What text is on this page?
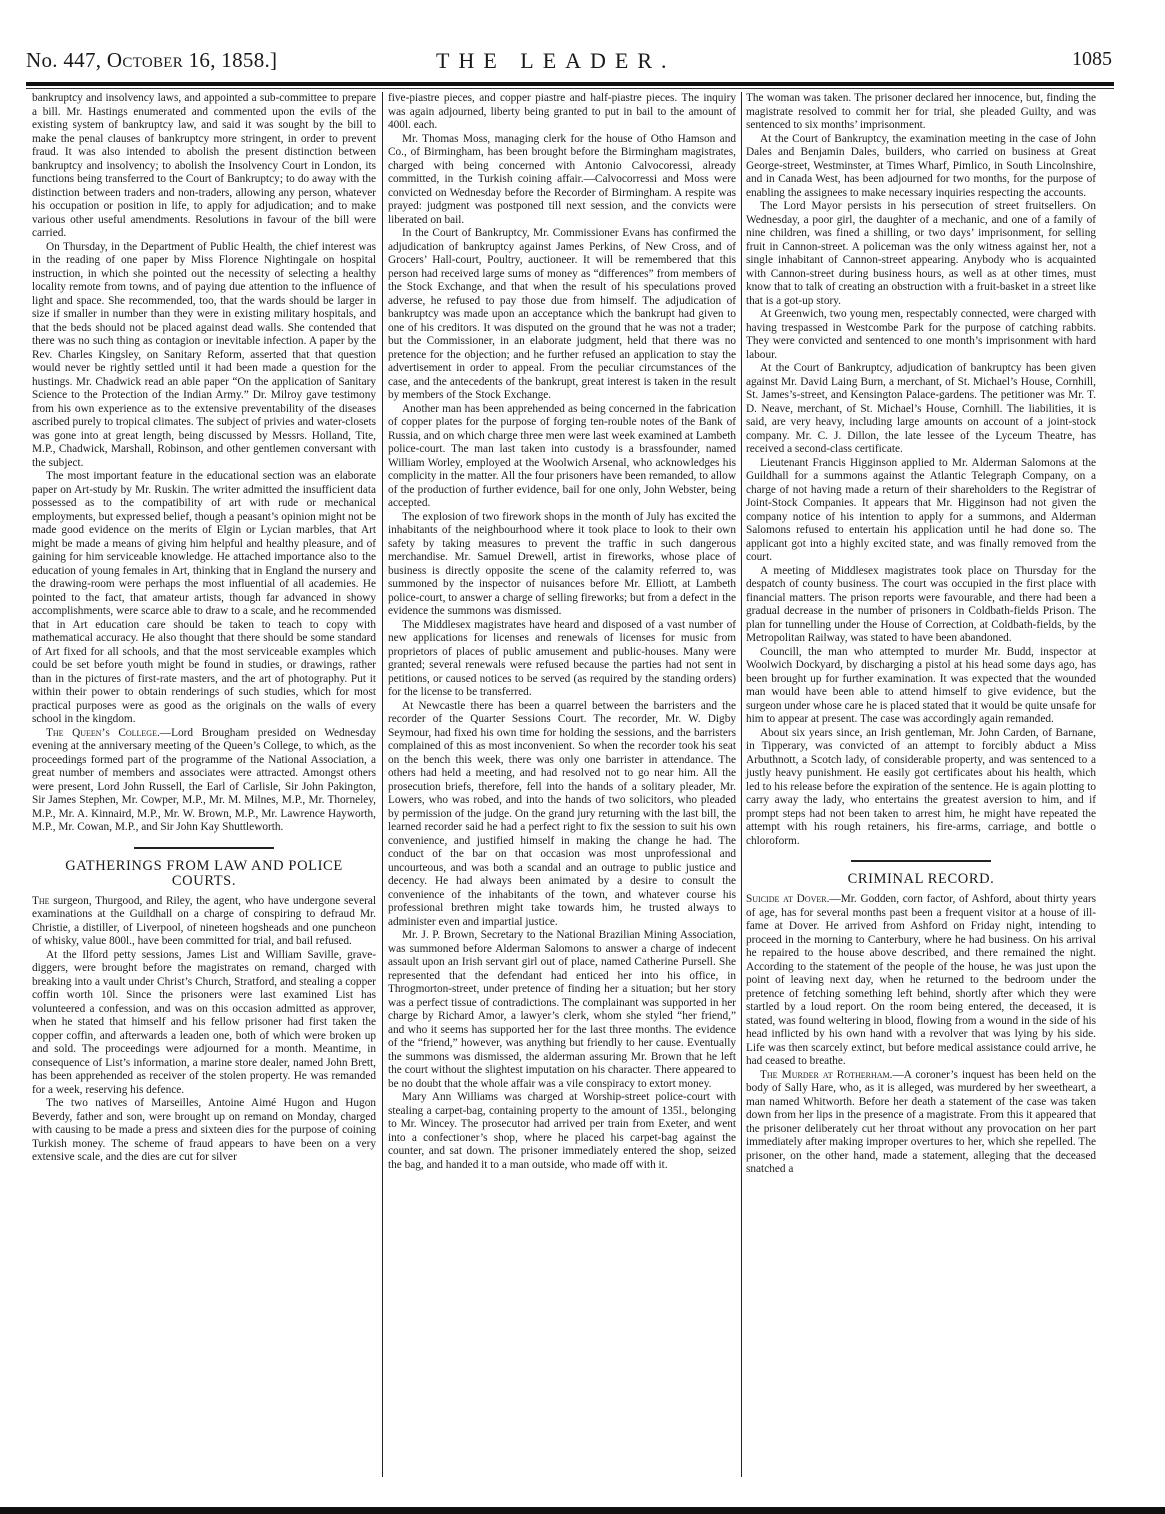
No. 447, October 16, 1858.]	THE LEADER.	1085

bankruptcy and insolvency laws, and appointed a sub-committee to prepare a bill. Mr. Hastings enumerated and commented upon the evils of the existing system of bankruptcy law, and said it was sought by the bill to make the penal clauses of bankruptcy more stringent, in order to prevent fraud. It was also intended to abolish the present distinction between bankruptcy and insolvency; to abolish the Insolvency Court in London, its functions being transferred to the Court of Bankruptcy; to do away with the distinction between traders and non-traders, allowing any person, whatever his occupation or position in life, to apply for adjudication; and to make various other useful amendments. Resolutions in favour of the bill were carried.

On Thursday, in the Department of Public Health, the chief interest was in the reading of one paper by Miss Florence Nightingale on hospital instruction, in which she pointed out the necessity of selecting a healthy locality remote from towns, and of paying due attention to the influence of light and space. She recommended, too, that the wards should be larger in size if smaller in number than they were in existing military hospitals, and that the beds should not be placed against dead walls. She contended that there was no such thing as contagion or inevitable infection. A paper by the Rev. Charles Kingsley, on Sanitary Reform, asserted that that question would never be rightly settled until it had been made a question for the hustings. Mr. Chadwick read an able paper “On the application of Sanitary Science to the Protection of the Indian Army.” Dr. Milroy gave testimony from his own experience as to the extensive preventability of the diseases ascribed purely to tropical climates. The subject of privies and water-closets was gone into at great length, being discussed by Messrs. Holland, Tite, M.P., Chadwick, Marshall, Robinson, and other gentlemen conversant with the subject.

The most important feature in the educational section was an elaborate paper on Art-study by Mr. Ruskin. The writer admitted the insufficient data possessed as to the compatibility of art with rude or mechanical employments, but expressed belief, though a peasant’s opinion might not be made good evidence on the merits of Elgin or Lycian marbles, that Art might be made a means of giving him helpful and healthy pleasure, and of gaining for him serviceable knowledge. He attached importance also to the education of young females in Art, thinking that in England the nursery and the drawing-room were perhaps the most influential of all academies. He pointed to the fact, that amateur artists, though far advanced in showy accomplishments, were scarce able to draw to a scale, and he recommended that in Art education care should be taken to teach to copy with mathematical accuracy. He also thought that there should be some standard of Art fixed for all schools, and that the most serviceable examples which could be set before youth might be found in studies, or drawings, rather than in the pictures of first-rate masters, and the art of photography. Put it within their power to obtain renderings of such studies, which for most practical purposes were as good as the originals on the walls of every school in the kingdom.

The Queen’s College.—Lord Brougham presided on Wednesday evening at the anniversary meeting of the Queen’s College, to which, as the proceedings formed part of the programme of the National Association, a great number of members and associates were attracted. Amongst others were present, Lord John Russell, the Earl of Carlisle, Sir John Pakington, Sir James Stephen, Mr. Cowper, M.P., Mr. M. Milnes, M.P., Mr. Thorneley, M.P., Mr. A. Kinnaird, M.P., Mr. W. Brown, M.P., Mr. Lawrence Hayworth, M.P., Mr. Cowan, M.P., and Sir John Kay Shuttleworth.

GATHERINGS FROM LAW AND POLICE COURTS.

The surgeon, Thurgood, and Riley, the agent, who have undergone several examinations at the Guildhall on a charge of conspiring to defraud Mr. Christie, a distiller, of Liverpool, of nineteen hogsheads and one puncheon of whisky, value 800l., have been committed for trial, and bail refused.

At the Ilford petty sessions, James List and William Saville, grave-diggers, were brought before the magistrates on remand, charged with breaking into a vault under Christ’s Church, Stratford, and stealing a copper coffin worth 10l. Since the prisoners were last examined List has volunteered a confession, and was on this occasion admitted as approver, when he stated that himself and his fellow prisoner had first taken the copper coffin, and afterwards a leaden one, both of which were broken up and sold. The proceedings were adjourned for a month. Meantime, in consequence of List’s information, a marine store dealer, named John Brett, has been apprehended as receiver of the stolen property. He was remanded for a week, reserving his defence.

The two natives of Marseilles, Antoine Aimé Hugon and Hugon Beverdy, father and son, were brought up on remand on Monday, charged with causing to be made a press and sixteen dies for the purpose of coining Turkish money. The scheme of fraud appears to have been on a very extensive scale, and the dies are cut for silver

five-piastre pieces, and copper piastre and half-piastre pieces. The inquiry was again adjourned, liberty being granted to put in bail to the amount of 400l. each.

Mr. Thomas Moss, managing clerk for the house of Otho Hamson and Co., of Birmingham, has been brought before the Birmingham magistrates, charged with being concerned with Antonio Calvocoressi, already committed, in the Turkish coining affair.—Calvocorressi and Moss were convicted on Wednesday before the Recorder of Birmingham. A respite was prayed: judgment was postponed till next session, and the convicts were liberated on bail.

In the Court of Bankruptcy, Mr. Commissioner Evans has confirmed the adjudication of bankruptcy against James Perkins, of New Cross, and of Grocers’ Hall-court, Poultry, auctioneer. It will be remembered that this person had received large sums of money as “differences” from members of the Stock Exchange, and that when the result of his speculations proved adverse, he refused to pay those due from himself. The adjudication of bankruptcy was made upon an acceptance which the bankrupt had given to one of his creditors. It was disputed on the ground that he was not a trader; but the Commissioner, in an elaborate judgment, held that there was no pretence for the objection; and he further refused an application to stay the advertisement in order to appeal. From the peculiar circumstances of the case, and the antecedents of the bankrupt, great interest is taken in the result by members of the Stock Exchange.

Another man has been apprehended as being concerned in the fabrication of copper plates for the purpose of forging ten-rouble notes of the Bank of Russia, and on which charge three men were last week examined at Lambeth police-court. The man last taken into custody is a brassfounder, named William Worley, employed at the Woolwich Arsenal, who acknowledges his complicity in the matter. All the four prisoners have been remanded, to allow of the production of further evidence, bail for one only, John Webster, being accepted.

The explosion of two firework shops in the month of July has excited the inhabitants of the neighbourhood where it took place to look to their own safety by taking measures to prevent the traffic in such dangerous merchandise. Mr. Samuel Drewell, artist in fireworks, whose place of business is directly opposite the scene of the calamity referred to, was summoned by the inspector of nuisances before Mr. Elliott, at Lambeth police-court, to answer a charge of selling fireworks; but from a defect in the evidence the summons was dismissed.

The Middlesex magistrates have heard and disposed of a vast number of new applications for licenses and renewals of licenses for music from proprietors of places of public amusement and public-houses. Many were granted; several renewals were refused because the parties had not sent in petitions, or caused notices to be served (as required by the standing orders) for the license to be transferred.

At Newcastle there has been a quarrel between the barristers and the recorder of the Quarter Sessions Court. The recorder, Mr. W. Digby Seymour, had fixed his own time for holding the sessions, and the barristers complained of this as most inconvenient. So when the recorder took his seat on the bench this week, there was only one barrister in attendance. The others had held a meeting, and had resolved not to go near him. All the prosecution briefs, therefore, fell into the hands of a solitary pleader, Mr. Lowers, who was robed, and into the hands of two solicitors, who pleaded by permission of the judge. On the grand jury returning with the last bill, the learned recorder said he had a perfect right to fix the session to suit his own convenience, and justified himself in making the change he had. The conduct of the bar on that occasion was most unprofessional and uncourteous, and was both a scandal and an outrage to public justice and decency. He had always been animated by a desire to consult the convenience of the inhabitants of the town, and whatever course his professional brethren might take towards him, he trusted always to administer even and impartial justice.

Mr. J. P. Brown, Secretary to the National Brazilian Mining Association, was summoned before Alderman Salomons to answer a charge of indecent assault upon an Irish servant girl out of place, named Catherine Pursell. She represented that the defendant had enticed her into his office, in Throgmorton-street, under pretence of finding her a situation; but her story was a perfect tissue of contradictions. The complainant was supported in her charge by Richard Amor, a lawyer’s clerk, whom she styled “her friend,” and who it seems has supported her for the last three months. The evidence of the “friend,” however, was anything but friendly to her cause. Eventually the summons was dismissed, the alderman assuring Mr. Brown that he left the court without the slightest imputation on his character. There appeared to be no doubt that the whole affair was a vile conspiracy to extort money.

Mary Ann Williams was charged at Worship-street police-court with stealing a carpet-bag, containing property to the amount of 135l., belonging to Mr. Wincey. The prosecutor had arrived per train from Exeter, and went into a confectioner’s shop, where he placed his carpet-bag against the counter, and sat down. The prisoner immediately entered the shop, seized the bag, and handed it to a man outside, who made off with it.

The woman was taken. The prisoner declared her innocence, but, finding the magistrate resolved to commit her for trial, she pleaded Guilty, and was sentenced to six months’ imprisonment.

At the Court of Bankruptcy, the examination meeting in the case of John Dales and Benjamin Dales, builders, who carried on business at Great George-street, Westminster, at Times Wharf, Pimlico, in South Lincolnshire, and in Canada West, has been adjourned for two months, for the purpose of enabling the assignees to make necessary inquiries respecting the accounts.

The Lord Mayor persists in his persecution of street fruitsellers. On Wednesday, a poor girl, the daughter of a mechanic, and one of a family of nine children, was fined a shilling, or two days’ imprisonment, for selling fruit in Cannon-street. A policeman was the only witness against her, not a single inhabitant of Cannon-street appearing. Anybody who is acquainted with Cannon-street during business hours, as well as at other times, must know that to talk of creating an obstruction with a fruit-basket in a street like that is a got-up story.

At Greenwich, two young men, respectably connected, were charged with having trespassed in Westcombe Park for the purpose of catching rabbits. They were convicted and sentenced to one month’s imprisonment with hard labour.

At the Court of Bankruptcy, adjudication of bankruptcy has been given against Mr. David Laing Burn, a merchant, of St. Michael’s House, Cornhill, St. James’s-street, and Kensington Palace-gardens. The petitioner was Mr. T. D. Neave, merchant, of St. Michael’s House, Cornhill. The liabilities, it is said, are very heavy, including large amounts on account of a joint-stock company. Mr. C. J. Dillon, the late lessee of the Lyceum Theatre, has received a second-class certificate.

Lieutenant Francis Higginson applied to Mr. Alderman Salomons at the Guildhall for a summons against the Atlantic Telegraph Company, on a charge of not having made a return of their shareholders to the Registrar of Joint-Stock Companies. It appears that Mr. Higginson had not given the company notice of his intention to apply for a summons, and Alderman Salomons refused to entertain his application until he had done so. The applicant got into a highly excited state, and was finally removed from the court.

A meeting of Middlesex magistrates took place on Thursday for the despatch of county business. The court was occupied in the first place with financial matters. The prison reports were favourable, and there had been a gradual decrease in the number of prisoners in Coldbath-fields Prison. The plan for tunnelling under the House of Correction, at Coldbath-fields, by the Metropolitan Railway, was stated to have been abandoned.

Councill, the man who attempted to murder Mr. Budd, inspector at Woolwich Dockyard, by discharging a pistol at his head some days ago, has been brought up for further examination. It was expected that the wounded man would have been able to attend himself to give evidence, but the surgeon under whose care he is placed stated that it would be quite unsafe for him to appear at present. The case was accordingly again remanded.

About six years since, an Irish gentleman, Mr. John Carden, of Barnane, in Tipperary, was convicted of an attempt to forcibly abduct a Miss Arbuthnott, a Scotch lady, of considerable property, and was sentenced to a justly heavy punishment. He easily got certificates about his health, which led to his release before the expiration of the sentence. He is again plotting to carry away the lady, who entertains the greatest aversion to him, and if prompt steps had not been taken to arrest him, he might have repeated the attempt with his rough retainers, his fire-arms, carriage, and bottle o chloroform.

CRIMINAL RECORD.

Suicide at Dover.—Mr. Godden, corn factor, of Ashford, about thirty years of age, has for several months past been a frequent visitor at a house of ill-fame at Dover. He arrived from Ashford on Friday night, intending to proceed in the morning to Canterbury, where he had business. On his arrival he repaired to the house above described, and there remained the night. According to the statement of the people of the house, he was just upon the point of leaving next day, when he returned to the bedroom under the pretence of fetching something left behind, shortly after which they were startled by a loud report. On the room being entered, the deceased, it is stated, was found weltering in blood, flowing from a wound in the side of his head inflicted by his own hand with a revolver that was lying by his side. Life was then scarcely extinct, but before medical assistance could arrive, he had ceased to breathe.

The Murder at Rotherham.—A coroner’s inquest has been held on the body of Sally Hare, who, as it is alleged, was murdered by her sweetheart, a man named Whitworth. Before her death a statement of the case was taken down from her lips in the presence of a magistrate. From this it appeared that the prisoner deliberately cut her throat without any provocation on her part immediately after making improper overtures to her, which she repelled. The prisoner, on the other hand, made a statement, alleging that the deceased snatched a
